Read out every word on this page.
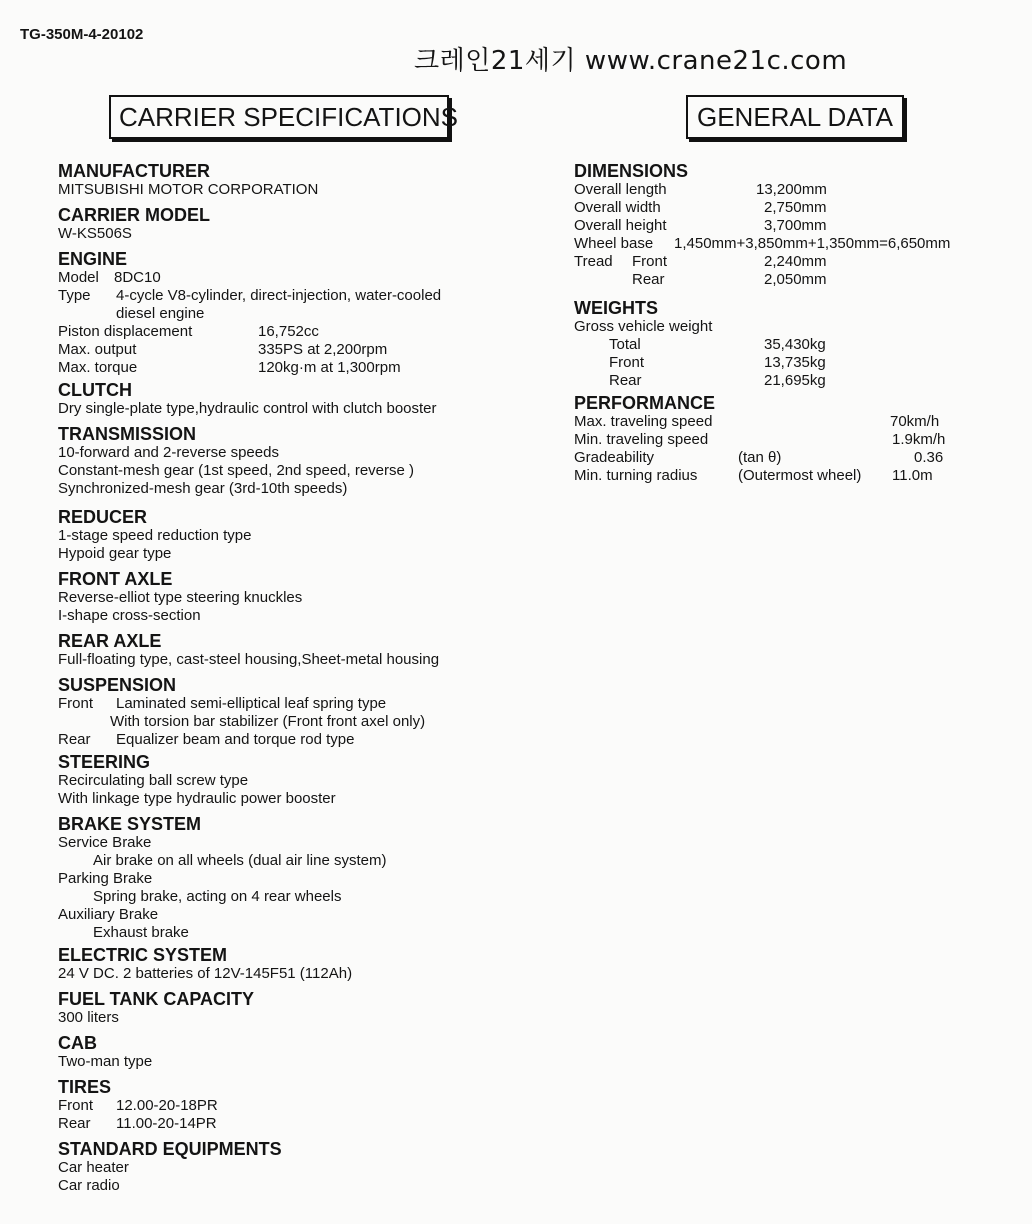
TG-350M-4-20102
크레인21세기 www.crane21c.com
CARRIER SPECIFICATIONS	GENERAL DATA
MANUFACTURER
MITSUBISHI MOTOR CORPORATION
CARRIER MODEL
W-KS506S
ENGINE
Model 8DC10
Type 4-cycle V8-cylinder, direct-injection, water-cooled
diesel engine
Piston displacement	16,752cc
Max. output	335PS at 2,200rpm
Max. torque	120kg·m at 1,300rpm
CLUTCH
Dry single-plate type,hydraulic control with clutch booster
TRANSMISSION
10-forward and 2-reverse speeds
Constant-mesh gear (1st speed, 2nd speed, reverse )
Synchronized-mesh gear (3rd-10th speeds)
REDUCER
1-stage speed reduction type
Hypoid gear type
FRONT AXLE
Reverse-elliot type steering knuckles
I-shape cross-section
REAR AXLE
Full-floating type, cast-steel housing,Sheet-metal housing
SUSPENSION
Front Laminated semi-elliptical leaf spring type
With torsion bar stabilizer (Front front axel only)
Rear Equalizer beam and torque rod type
STEERING
Recirculating ball screw type
With linkage type hydraulic power booster
BRAKE SYSTEM
Service Brake
Air brake on all wheels (dual air line system)
Parking Brake
Spring brake, acting on 4 rear wheels
Auxiliary Brake
Exhaust brake
ELECTRIC SYSTEM
24 V DC. 2 batteries of 12V-145F51 (112Ah)
FUEL TANK CAPACITY
300 liters
CAB
Two-man type
TIRES
Front 12.00-20-18PR
Rear 11.00-20-14PR
STANDARD EQUIPMENTS
Car heater
Car radio
DIMENSIONS
Overall length	13,200mm
Overall width	2,750mm
Overall height	3,700mm
Wheel base 1,450mm+3,850mm+1,350mm=6,650mm
Tread Front	2,240mm
Rear	2,050mm
WEIGHTS
Gross vehicle weight
Total	35,430kg
Front	13,735kg
Rear	21,695kg
PERFORMANCE
Max. traveling speed	70km/h
Min. traveling speed	1.9km/h
Gradeability	(tan θ)	0.36
Min. turning radius	(Outermost wheel) 11.0m
